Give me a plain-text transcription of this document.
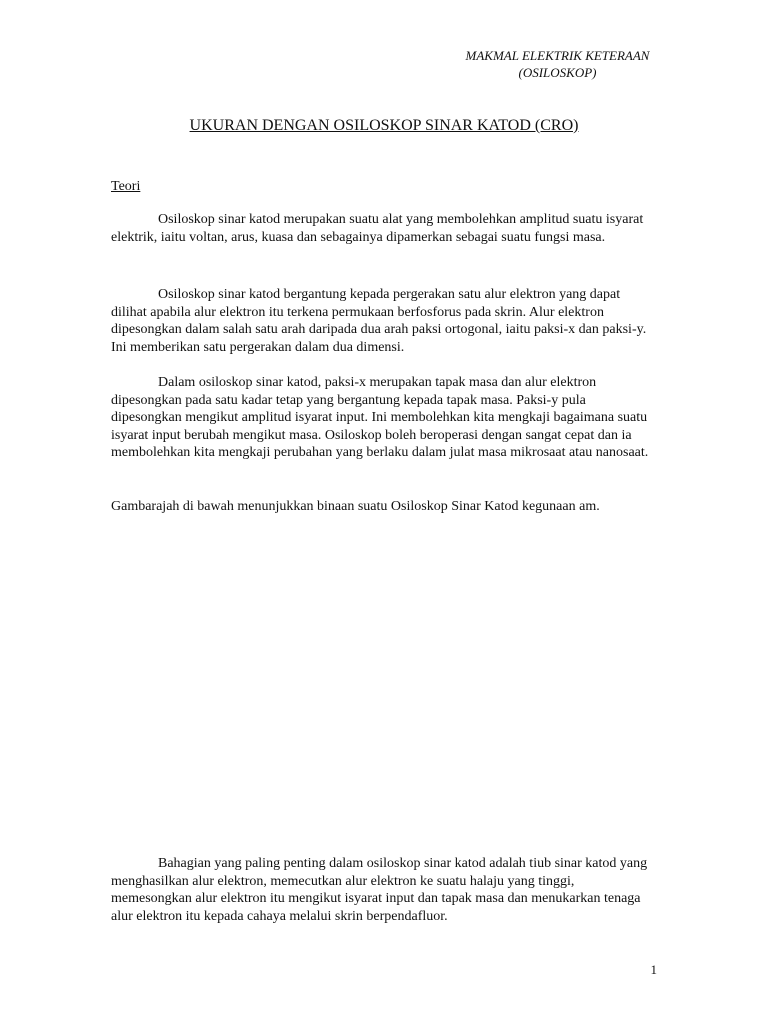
MAKMAL ELEKTRIK KETERAAN
(OSILOSKOP)
UKURAN DENGAN OSILOSKOP SINAR KATOD (CRO)
Teori

Osiloskop sinar katod merupakan suatu alat yang membolehkan amplitud suatu isyarat elektrik, iaitu voltan, arus, kuasa dan sebagainya dipamerkan sebagai suatu fungsi masa.

Osiloskop sinar katod bergantung kepada pergerakan satu alur elektron yang dapat dilihat apabila alur elektron itu terkena permukaan berfosforus pada skrin. Alur elektron dipesongkan dalam salah satu arah daripada dua arah paksi ortogonal, iaitu paksi-x dan paksi-y. Ini memberikan satu pergerakan dalam dua dimensi.

Dalam osiloskop sinar katod, paksi-x merupakan tapak masa dan alur elektron dipesongkan pada satu kadar tetap yang bergantung kepada tapak masa. Paksi-y pula dipesongkan mengikut amplitud isyarat input. Ini membolehkan kita mengkaji bagaimana suatu isyarat input berubah mengikut masa. Osiloskop boleh beroperasi dengan sangat cepat dan ia membolehkan kita mengkaji perubahan yang berlaku dalam julat masa mikrosaat atau nanosaat.

Gambarajah di bawah menunjukkan binaan suatu Osiloskop Sinar Katod kegunaan am.

Bahagian yang paling penting dalam osiloskop sinar katod adalah tiub sinar katod yang menghasilkan alur elektron, memecutkan alur elektron ke suatu halaju yang tinggi, memesongkan alur elektron itu mengikut isyarat input dan tapak masa dan menukarkan tenaga alur elektron itu kepada cahaya melalui skrin berpendafluor.

1
